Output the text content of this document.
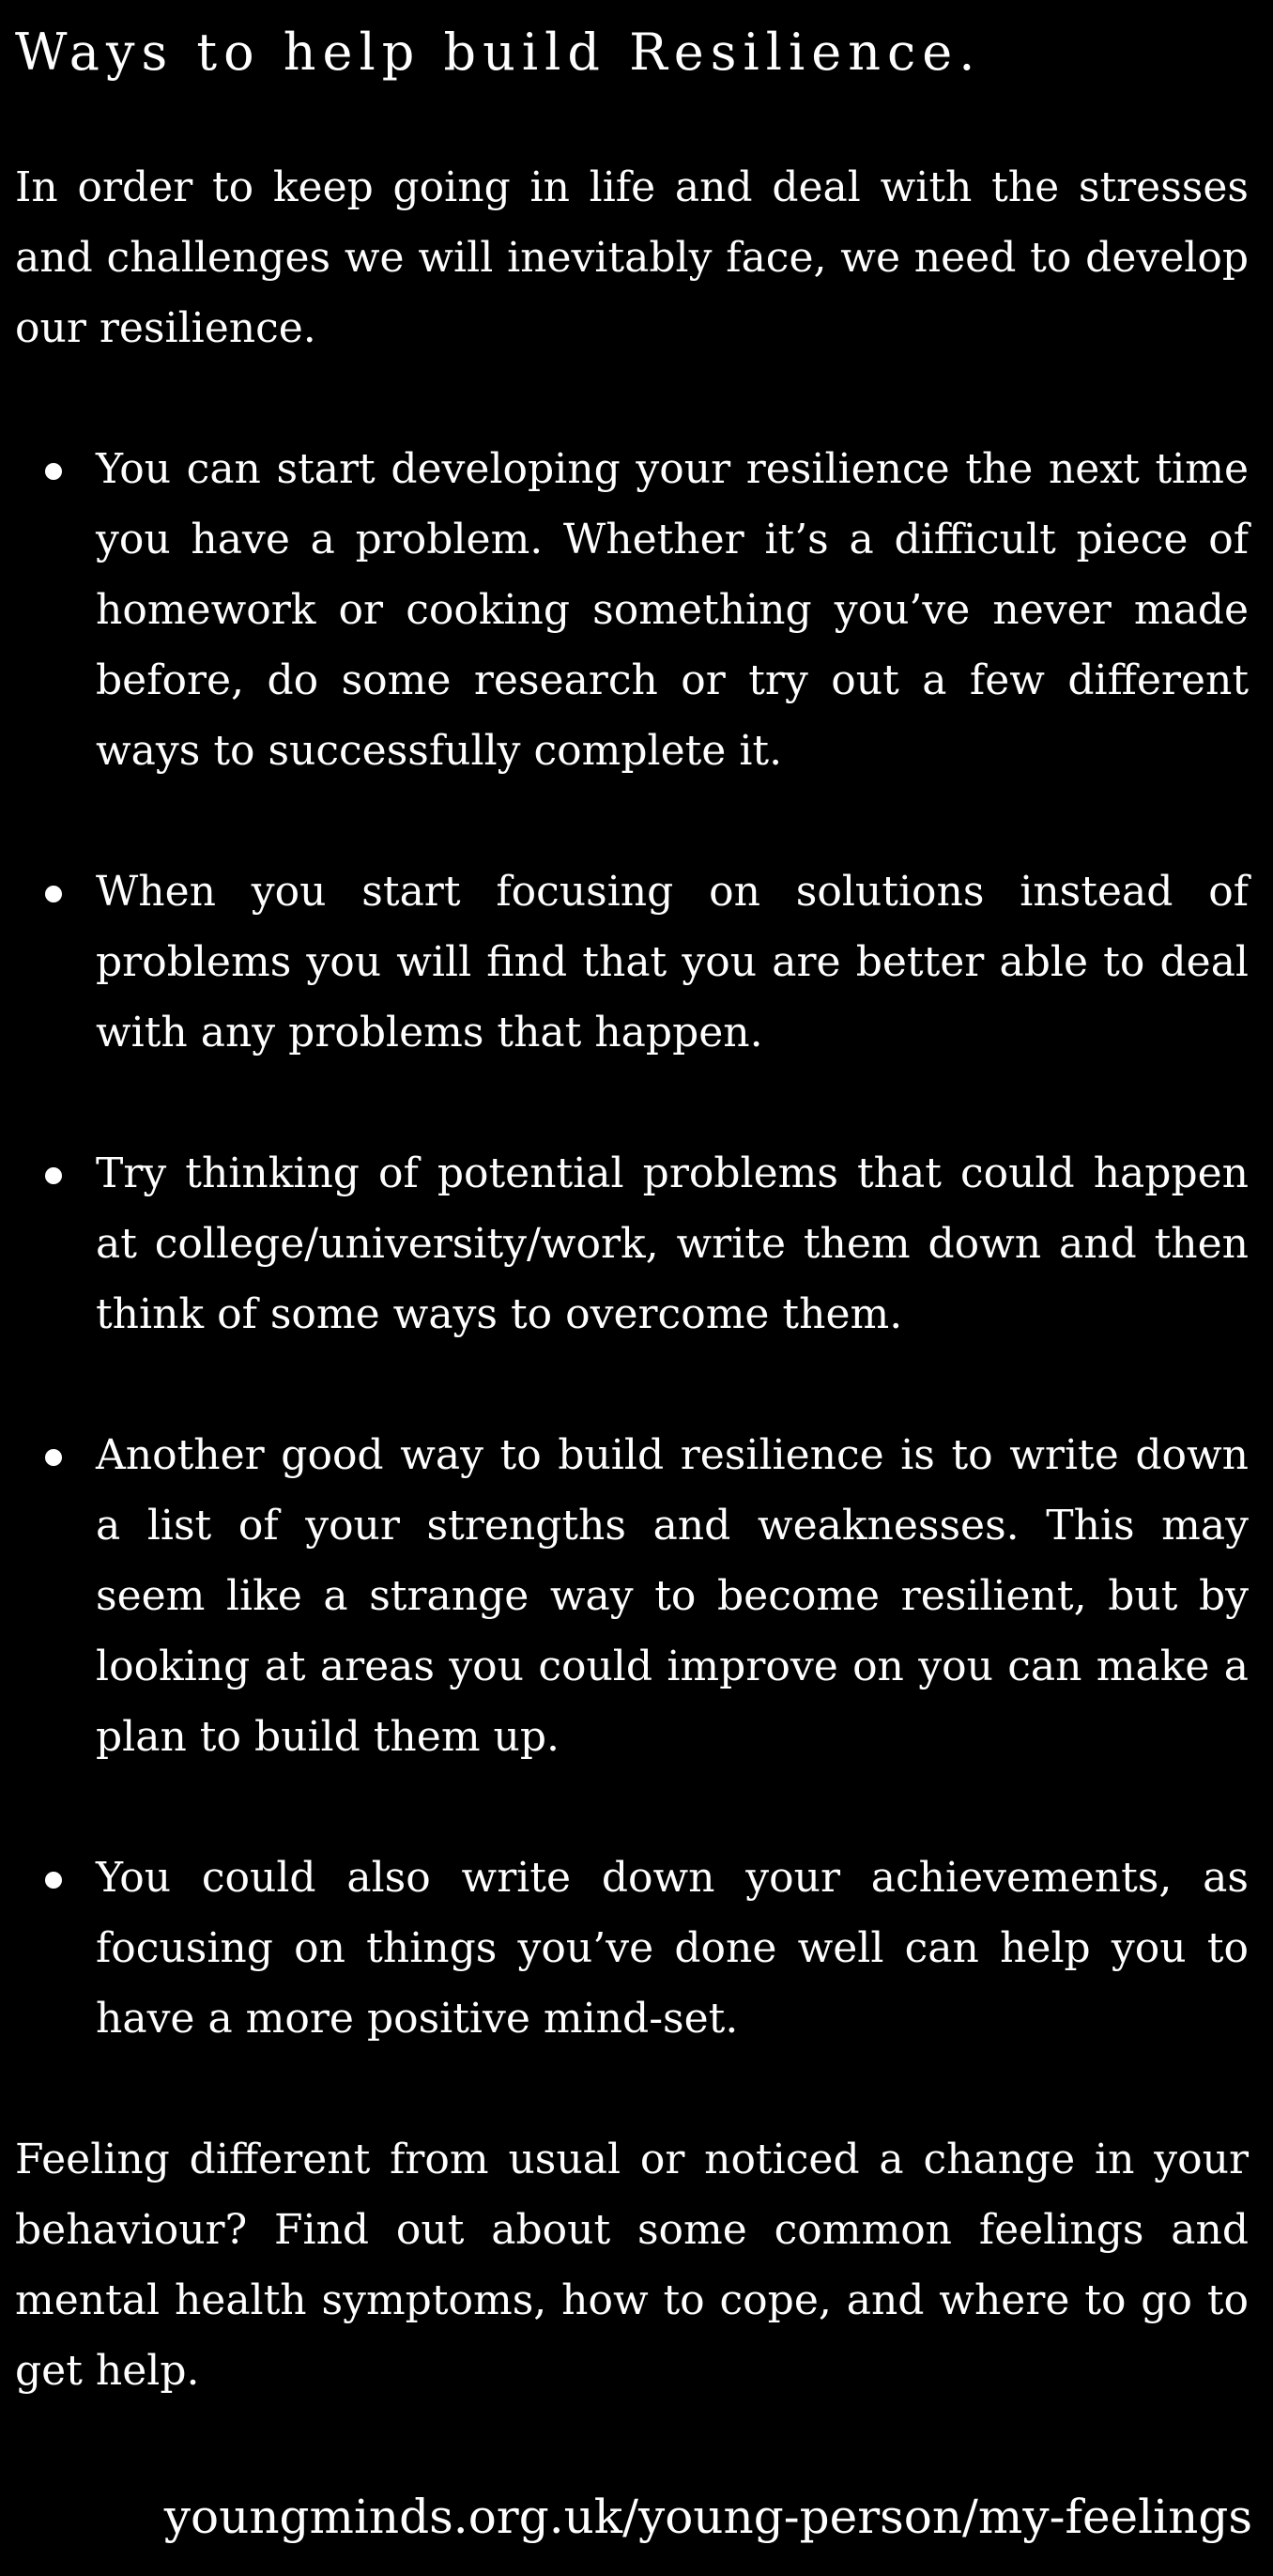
Ways to help build Resilience.

In order to keep going in life and deal with the stresses and challenges we will inevitably face, we need to develop our resilience.

You can start developing your resilience the next time you have a problem. Whether it’s a difficult piece of homework or cooking something you’ve never made before, do some research or try out a few different ways to successfully complete it.
When you start focusing on solutions instead of problems you will find that you are better able to deal with any problems that happen.
Try thinking of potential problems that could happen at college/university/work, write them down and then think of some ways to overcome them.
Another good way to build resilience is to write down a list of your strengths and weaknesses. This may seem like a strange way to become resilient, but by looking at areas you could improve on you can make a plan to build them up.
You could also write down your achievements, as focusing on things you’ve done well can help you to have a more positive mind-set.

Feeling different from usual or noticed a change in your behaviour? Find out about some common feelings and mental health symptoms, how to cope, and where to go to get help.

youngminds.org.uk/young-person/my-feelings
